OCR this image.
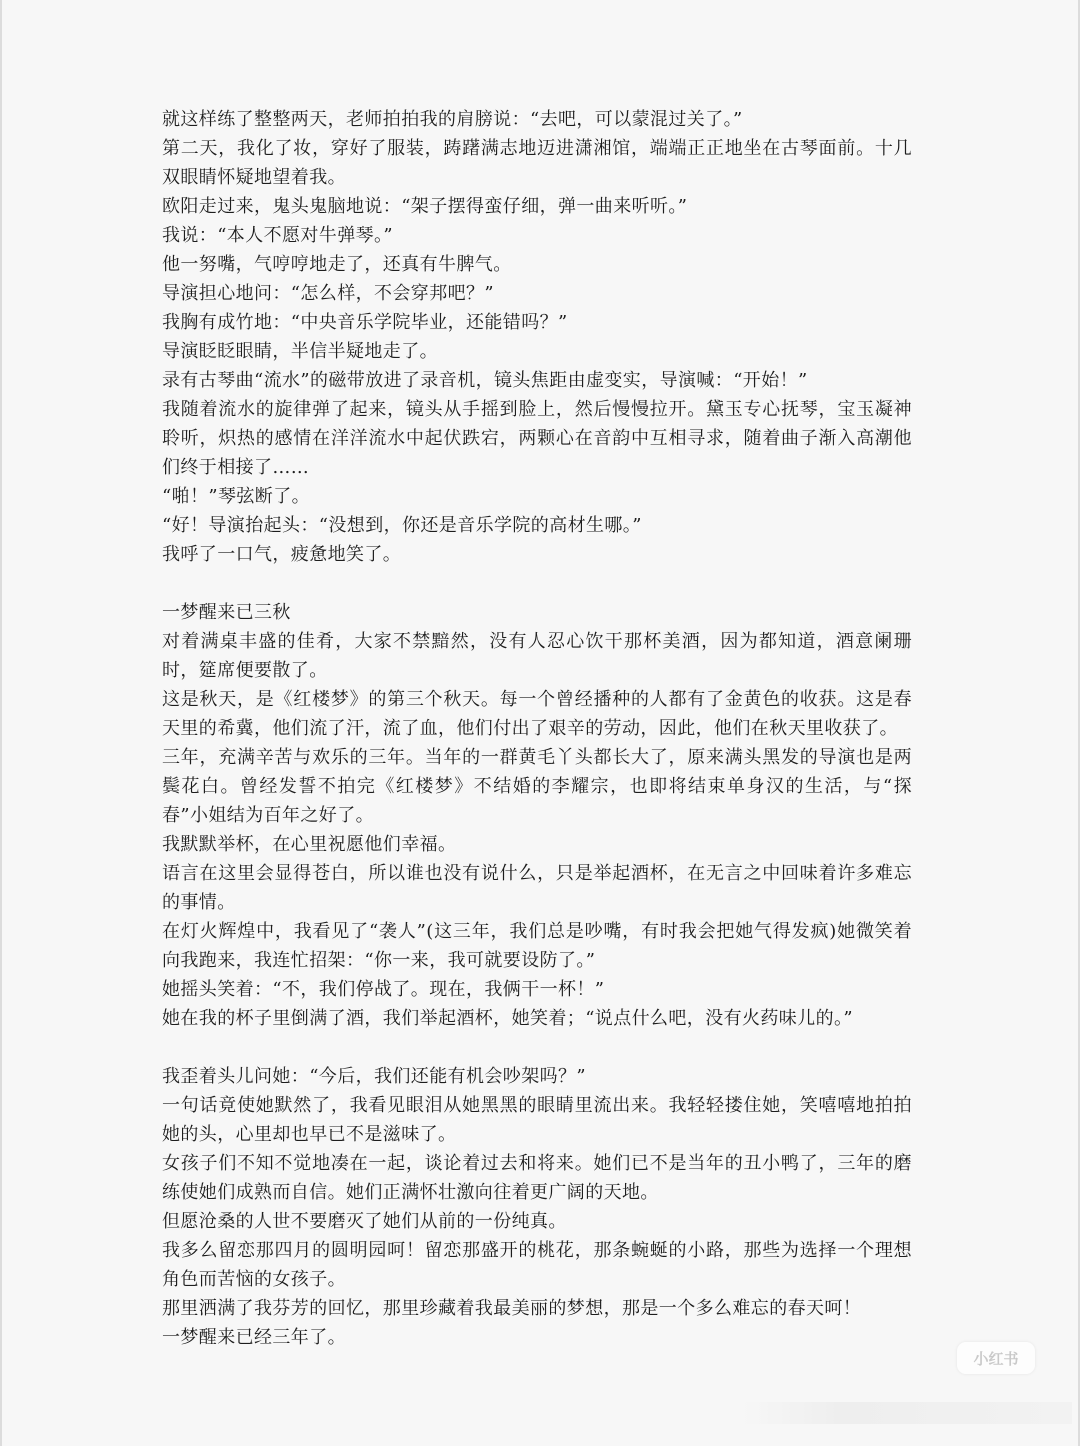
就这样练了整整两天，老师拍拍我的肩膀说：“去吧，可以蒙混过关了。”

第二天，我化了妆，穿好了服装，踌躇满志地迈进潇湘馆，端端正正地坐在古琴面前。十几双眼睛怀疑地望着我。

欧阳走过来，鬼头鬼脑地说：“架子摆得蛮仔细，弹一曲来听听。”

我说：“本人不愿对牛弹琴。”

他一努嘴，气哼哼地走了，还真有牛脾气。

导演担心地问：“怎么样，不会穿邦吧？”

我胸有成竹地：“中央音乐学院毕业，还能错吗？”

导演眨眨眼睛，半信半疑地走了。

录有古琴曲“流水”的磁带放进了录音机，镜头焦距由虚变实，导演喊：“开始！”

我随着流水的旋律弹了起来，镜头从手摇到脸上，然后慢慢拉开。黛玉专心抚琴，宝玉凝神聆听，炽热的感情在洋洋流水中起伏跌宕，两颗心在音韵中互相寻求，随着曲子渐入高潮他们终于相接了……

“啪！”琴弦断了。

“好！导演抬起头：“没想到，你还是音乐学院的高材生哪。”

我呼了一口气，疲惫地笑了。

一梦醒来已三秋

对着满桌丰盛的佳肴，大家不禁黯然，没有人忍心饮干那杯美酒，因为都知道，酒意阑珊时，筵席便要散了。

这是秋天，是《红楼梦》的第三个秋天。每一个曾经播种的人都有了金黄色的收获。这是春天里的希冀，他们流了汗，流了血，他们付出了艰辛的劳动，因此，他们在秋天里收获了。

三年，充满辛苦与欢乐的三年。当年的一群黄毛丫头都长大了，原来满头黑发的导演也是两鬓花白。曾经发誓不拍完《红楼梦》不结婚的李耀宗，也即将结束单身汉的生活，与“探春”小姐结为百年之好了。

我默默举杯，在心里祝愿他们幸福。

语言在这里会显得苍白，所以谁也没有说什么，只是举起酒杯，在无言之中回味着许多难忘的事情。

在灯火辉煌中，我看见了“袭人”(这三年，我们总是吵嘴，有时我会把她气得发疯)她微笑着向我跑来，我连忙招架：“你一来，我可就要设防了。”

她摇头笑着：“不，我们停战了。现在，我俩干一杯！”

她在我的杯子里倒满了酒，我们举起酒杯，她笑着；“说点什么吧，没有火药味儿的。”

我歪着头儿问她：“今后，我们还能有机会吵架吗？”

一句话竟使她默然了，我看见眼泪从她黑黑的眼睛里流出来。我轻轻搂住她，笑嘻嘻地拍拍她的头，心里却也早已不是滋味了。

女孩子们不知不觉地凑在一起，谈论着过去和将来。她们已不是当年的丑小鸭了，三年的磨练使她们成熟而自信。她们正满怀壮激向往着更广阔的天地。

但愿沧桑的人世不要磨灭了她们从前的一份纯真。

我多么留恋那四月的圆明园呵！留恋那盛开的桃花，那条蜿蜒的小路，那些为选择一个理想角色而苦恼的女孩子。

那里洒满了我芬芳的回忆，那里珍藏着我最美丽的梦想，那是一个多么难忘的春天呵！

一梦醒来已经三年了。

小红书
